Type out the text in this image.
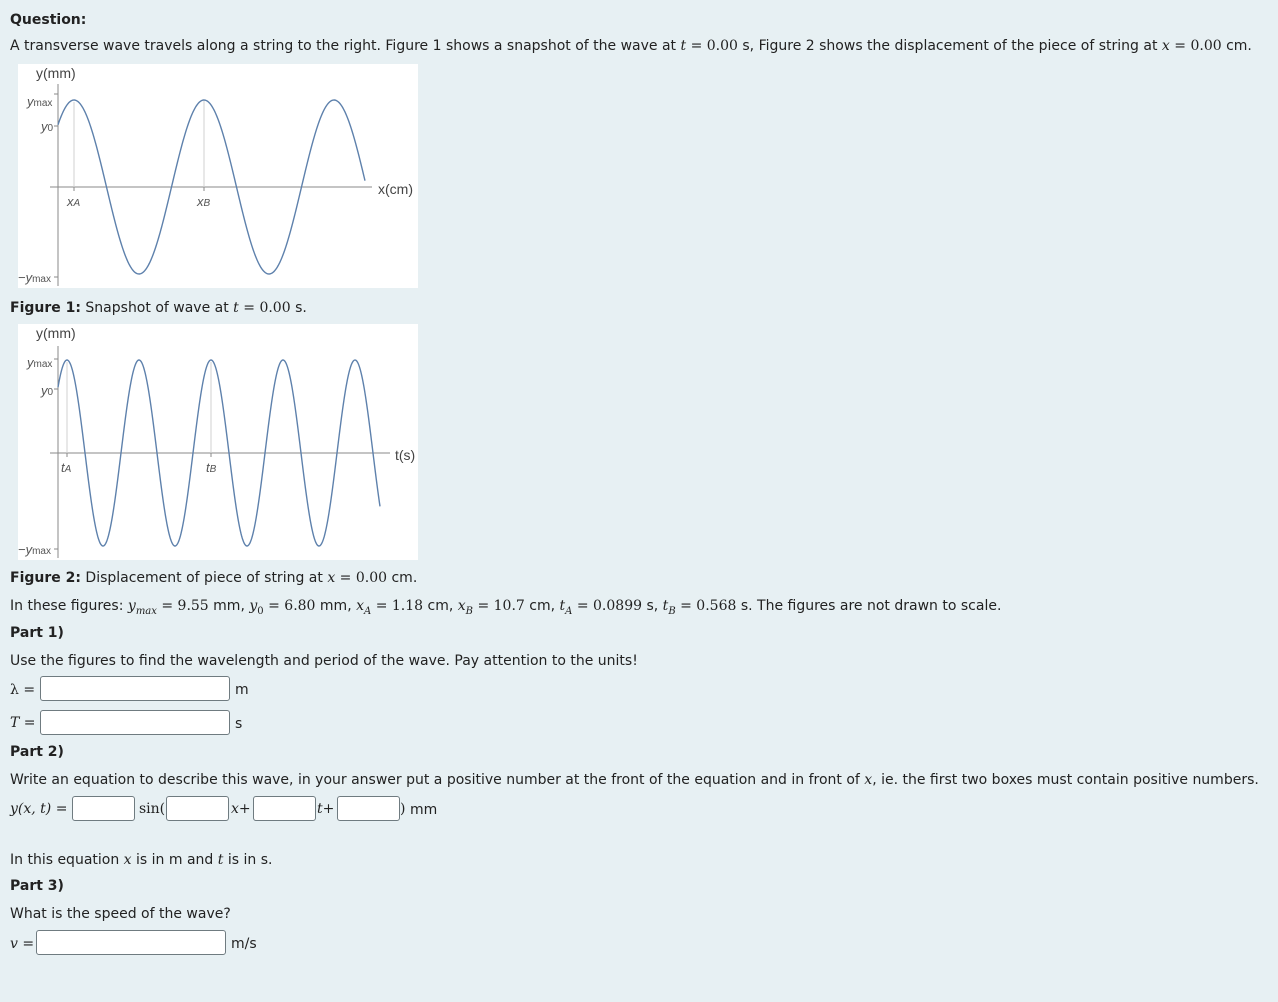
Question:
A transverse wave travels along a string to the right. Figure 1 shows a snapshot of the wave at t = 0.00 s, Figure 2 shows the displacement of the piece of string at x = 0.00 cm.
y(mm)
x(cm)
ymax
y0
−ymax
xA	xB
Figure 1: Snapshot of wave at t = 0.00 s.
y(mm)
t(s)
ymax
y0
−ymax
tA	tB
Figure 2: Displacement of piece of string at x = 0.00 cm.
In these figures: $y_{max} = 9.55$ mm, $y_0 = 6.80$ mm, $x_A = 1.18$ cm, $x_B = 10.7$ cm, $t_A = 0.0899$ s, $t_B = 0.568$ s. The figures are not drawn to scale.
Part 1)
Use the figures to find the wavelength and period of the wave. Pay attention to the units!
λ =	m
T =	s
Part 2)
Write an equation to describe this wave, in your answer put a positive number at the front of the equation and in front of x, ie. the first two boxes must contain positive numbers.
y(x, t) =	sin(	x+	t+	) mm
In this equation x is in m and t is in s.
Part 3)
What is the speed of the wave?
v =	m/s
